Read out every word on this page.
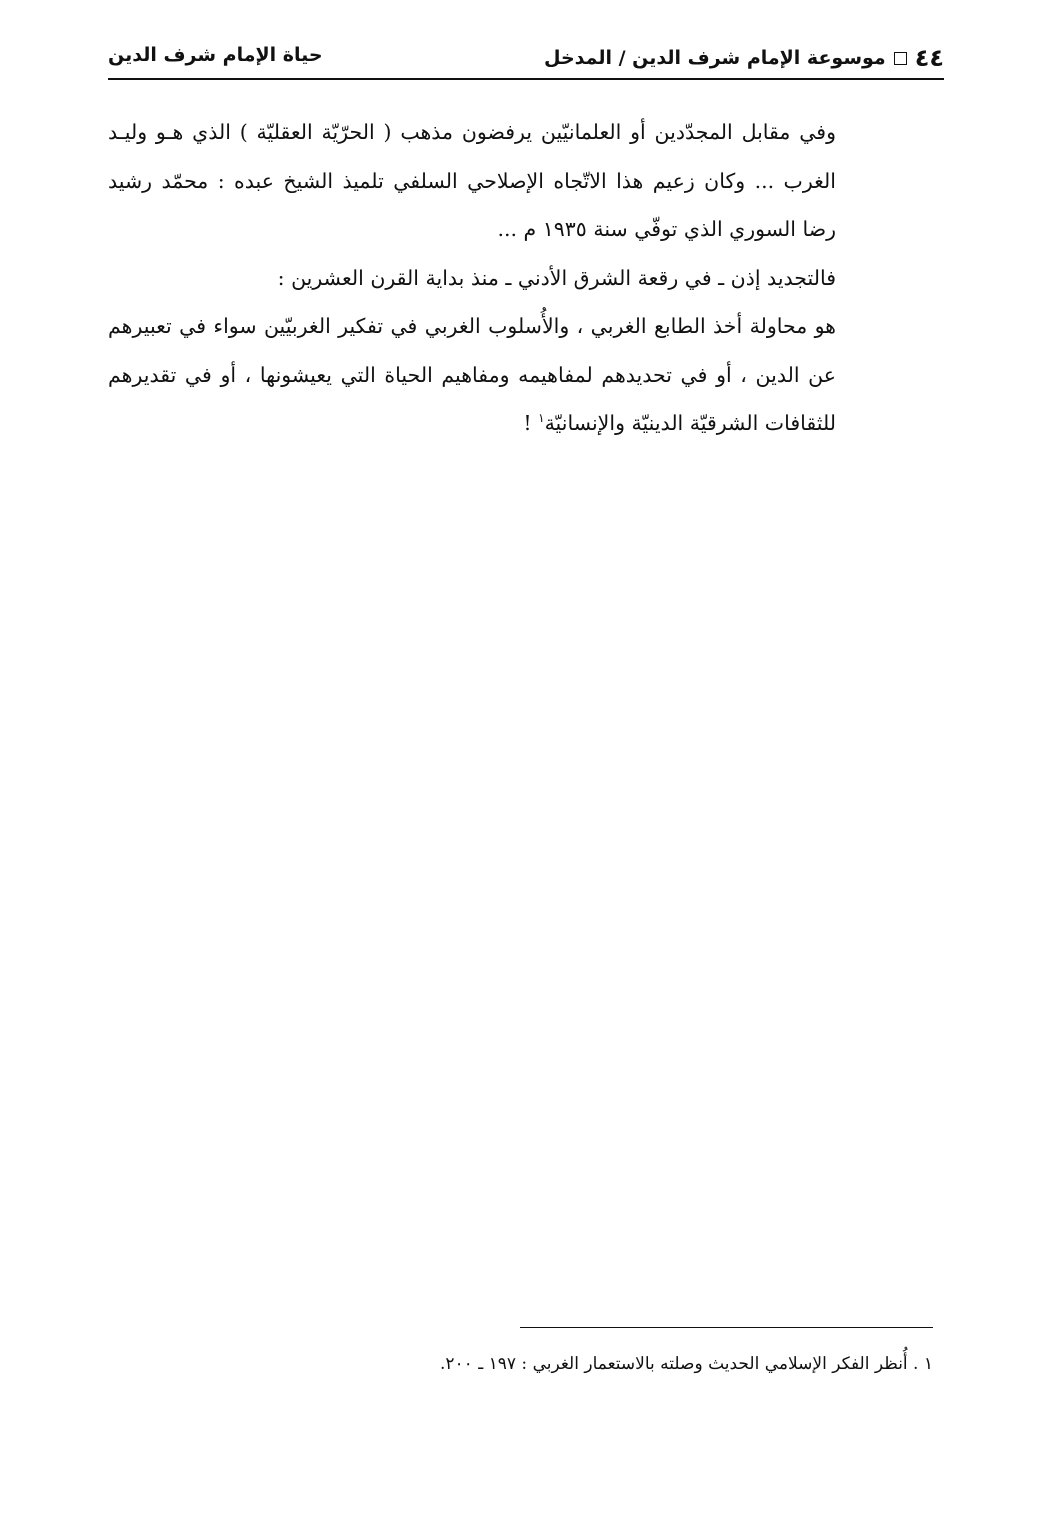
٤٤
موسوعة الإمام شرف الدين / المدخل
حياة الإمام شرف الدين

وفي مقابل المجدّدين أو العلمانيّين يرفضون مذهب ( الحرّيّة العقليّة ) الذي هـو وليـد الغرب ... وكان زعيم هذا الاتّجاه الإصلاحي السلفي تلميذ الشيخ عبده : محمّد رشيد رضا السوري الذي توفّي سنة ١٩٣٥ م ...

فالتجديد إذن ـ في رقعة الشرق الأدني ـ منذ بداية القرن العشرين :

هو محاولة أخذ الطابع الغربي ، والأُسلوب الغربي في تفكير الغربيّين سواء في تعبيرهم عن الدين ، أو في تحديدهم لمفاهيمه ومفاهيم الحياة التي يعيشونها ، أو في تقديرهم للثقافات الشرقيّة الدينيّة والإنسانيّة$^١$ !

١ . أُنظر الفكر الإسلامي الحديث وصلته بالاستعمار الغربي : ١٩٧ ـ ٢٠٠.
